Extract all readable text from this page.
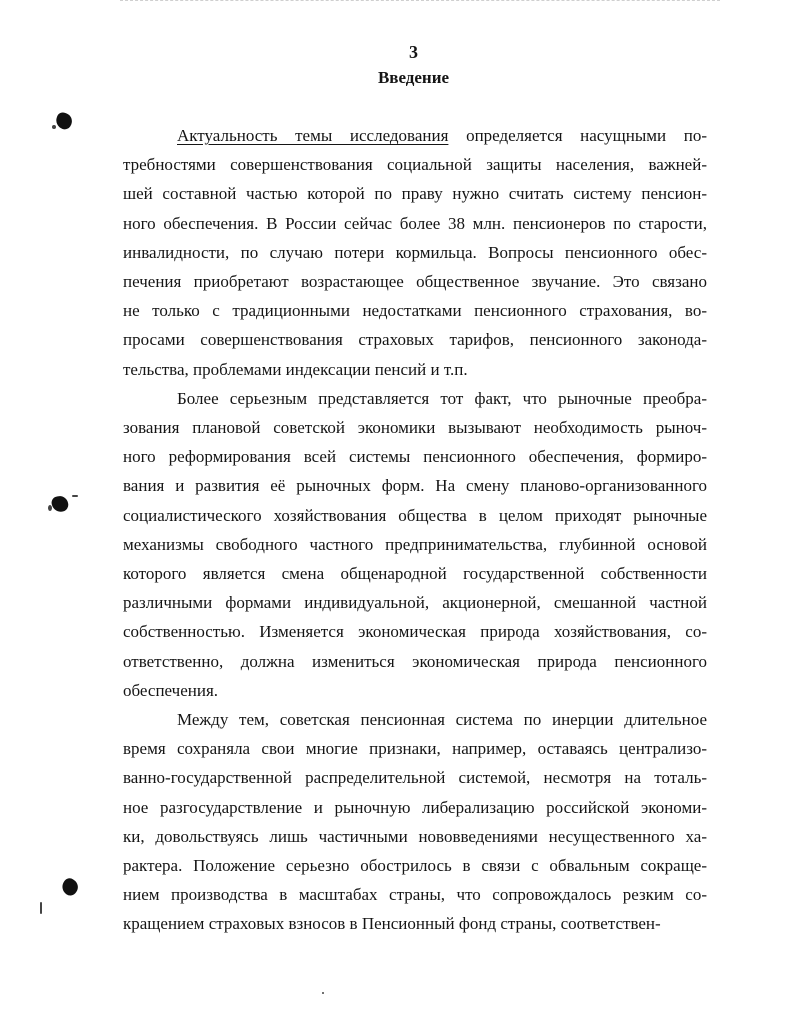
3
Введение
Актуальность темы исследования определяется насущными по-
требностями совершенствования социальной защиты населения, важней-
шей составной частью которой по праву нужно считать систему пенсион-
ного обеспечения. В России сейчас более 38 млн. пенсионеров по старости,
инвалидности, по случаю потери кормильца. Вопросы пенсионного обес-
печения приобретают возрастающее общественное звучание. Это связано
не только с традиционными недостатками пенсионного страхования, во-
просами совершенствования страховых тарифов, пенсионного законода-
тельства, проблемами индексации пенсий и т.п.
Более серьезным представляется тот факт, что рыночные преобра-
зования плановой советской экономики вызывают необходимость рыноч-
ного реформирования всей системы пенсионного обеспечения, формиро-
вания и развития её рыночных форм. На смену планово-организованного
социалистического хозяйствования общества в целом приходят рыночные
механизмы свободного частного предпринимательства, глубинной основой
которого является смена общенародной государственной собственности
различными формами индивидуальной, акционерной, смешанной частной
собственностью. Изменяется экономическая природа хозяйствования, со-
ответственно, должна измениться экономическая природа пенсионного
обеспечения.
Между тем, советская пенсионная система по инерции длительное
время сохраняла свои многие признаки, например, оставаясь централизо-
ванно-государственной распределительной системой, несмотря на тоталь-
ное разгосударствление и рыночную либерализацию российской экономи-
ки, довольствуясь лишь частичными нововведениями несущественного ха-
рактера. Положение серьезно обострилось в связи с обвальным сокраще-
нием производства в масштабах страны, что сопровождалось резким со-
кращением страховых взносов в Пенсионный фонд страны, соответствен-
